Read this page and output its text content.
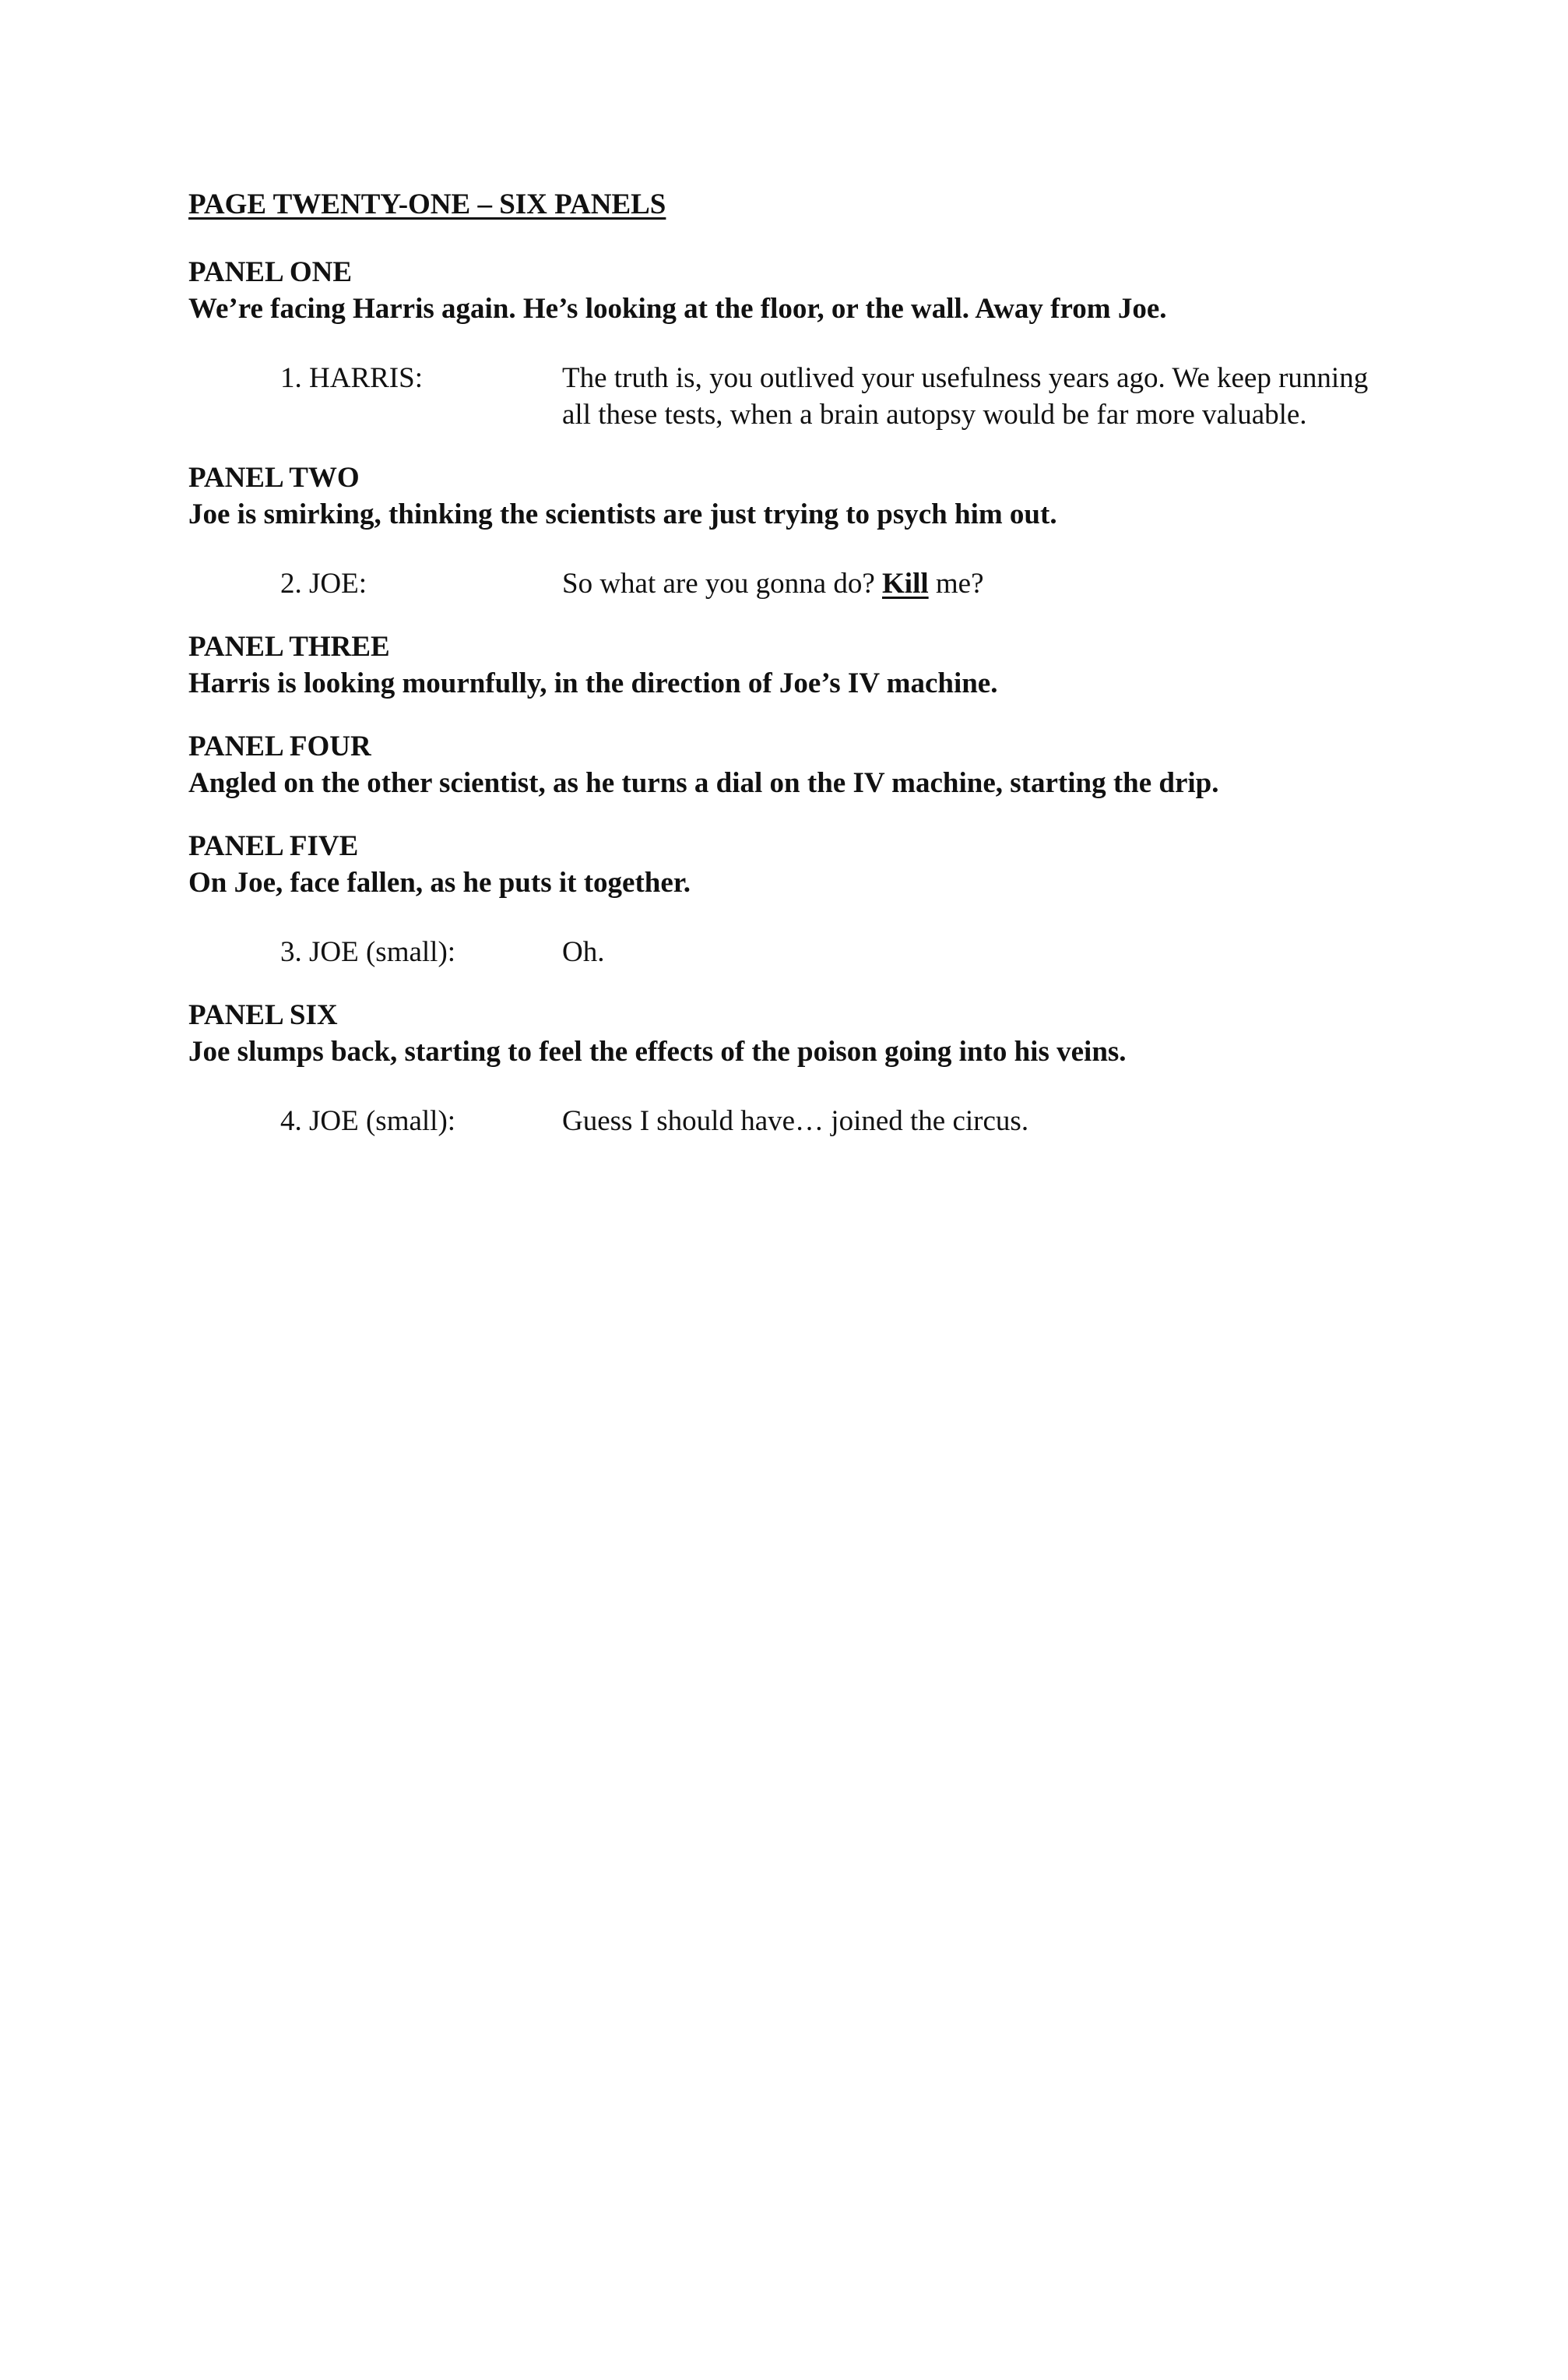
PAGE TWENTY-ONE – SIX PANELS
PANEL ONE
We’re facing Harris again. He’s looking at the floor, or the wall. Away from Joe.
1. HARRIS:	The truth is, you outlived your usefulness years ago. We keep running all these tests, when a brain autopsy would be far more valuable.
PANEL TWO
Joe is smirking, thinking the scientists are just trying to psych him out.
2. JOE:	So what are you gonna do? Kill me?
PANEL THREE
Harris is looking mournfully, in the direction of Joe’s IV machine.
PANEL FOUR
Angled on the other scientist, as he turns a dial on the IV machine, starting the drip.
PANEL FIVE
On Joe, face fallen, as he puts it together.
3. JOE (small):	Oh.
PANEL SIX
Joe slumps back, starting to feel the effects of the poison going into his veins.
4. JOE (small):	Guess I should have… joined the circus.
